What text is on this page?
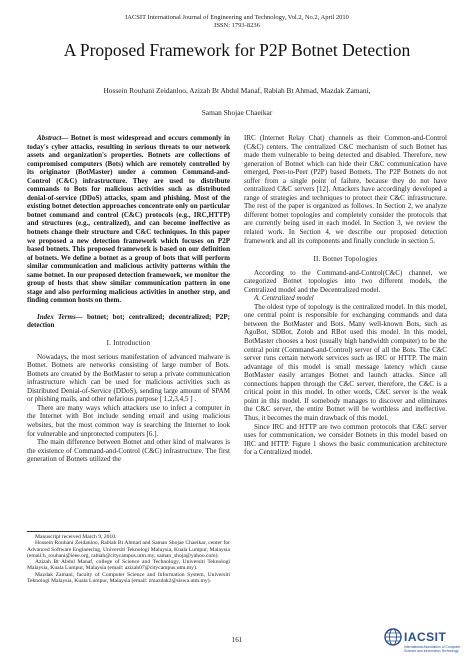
IACSIT International Journal of Engineering and Technology, Vol.2, No.2, April 2010
ISSN: 1793-8236
A Proposed Framework for P2P Botnet Detection
Hossein Rouhani Zeidanloo, Azizah Bt Abdul Manaf, Rabiah Bt Ahmad, Mazdak Zamani,
Saman Shojae Chaeikar

Abstract— Botnet is most widespread and occurs commonly in today's cyber attacks, resulting in serious threats to our network assets and organization's properties. Botnets are collections of compromised computers (Bots) which are remotely controlled by its originator (BotMaster) under a common Command-and-Control (C&C) infrastructure. They are used to distribute commands to Bots for malicious activities such as distributed denial-of-service (DDoS) attacks, spam and phishing. Most of the existing botnet detection approaches concentrate only on particular botnet command and control (C&C) protocols (e.g., IRC,HTTP) and structures (e.g., centralized), and can become ineffective as botnets change their structure and C&C techniques. In this paper we proposed a new detection framework which focuses on P2P based botnets. This proposed framework is based on our definition of botnets. We define a botnet as a group of bots that will perform similar communication and malicious activity patterns within the same botnet. In our proposed detection framework, we monitor the group of hosts that show similar communication pattern in one stage and also performing malicious activities in another step, and finding common hosts on them.

Index Terms— botnet; bot; centralized; decentralized; P2P; detection

I. Introduction

Nowadays, the most serious manifestation of advanced malware is Botnet. Botnets are networks consisting of large number of Bots. Botnets are created by the BotMaster to setup a private communication infrastructure which can be used for malicious activities such as Distributed Denial-of-Service (DDoS), sending large amount of SPAM or phishing mails, and other nefarious purpose [ 1,2,3,4,5 ] .

There are many ways which attackers use to infect a computer in the Internet with Bot include sending email and using malicious websites, but the most common way is searching the Internet to look for vulnerable and unprotected computers [6.].

The main difference between Botnet and other kind of malwares is the existence of Command-and-Control (C&C) infrastructure. The first generation of Botnets utilized the

Manuscript received March 9, 2010.

Hossein Rouhani Zeidanloo, Rabiah Bt Ahmad and Saman Shojae Chaeikar, center for Advanced Software Engineering, Universiti Teknologi Malaysia, Kuala Lumpur, Malaysia (email:h_rouhani@ieee.org, rabiah@citycampus.utm.my, saman_shoja@yahoo.com).

Azizah Bt Abdul Manaf, college of Science and Technology, Universiti Teknologi Malaysia, Kuala Lumpur, Malaysia (email: azizah07@citycampus.utm.my).

Mazdak Zamani, faculty of Computer Science and Information System, Universiti Teknologi Malaysia, Kuala Lumpur, Malaysia (email: zmazdak2@siswa.utm.my).

IRC (Internet Relay Chat) channels as their Common-and-Control (C&C) centers. The centralized C&C mechanism of such Botnet has made them vulnerable to being detected and disabled. Therefore, new generation of Botnet which can hide their C&C communication have emerged, Peer-to-Peer (P2P) based Botnets. The P2P Botnets do not suffer from a single point of failure, because they do not have centralized C&C servers [12]. Attackers have accordingly developed a range of strategies and techniques to protect their C&C infrastructure. The rest of the paper is organized as follows. In Section 2, we analyze different botnet topologies and completely consider the protocols that are currently being used in each model. In Section 3, we review the related work. In Section 4, we describe our proposed detection framework and all its components and finally conclude in section 5.

II. Botnet Topologies

According to the Command-and-Control(C&C) channel, we categorized Botnet topologies into two different models, the Centralized model and the Decentralized model.

A. Centralized model

The oldest type of topology is the centralized model. In this model, one central point is responsible for exchanging commands and data between the BotMaster and Bots. Many well-known Bots, such as AgoBot, SDBot, Zotob and RBot used this model. In this model, BotMaster chooses a host (usually high bandwidth computer) to be the central point (Command-and-Control) server of all the Bots. The C&C server runs certain network services such as IRC or HTTP. The main advantage of this model is small message latency which cause BotMaster easily arranges Botnet and launch attacks. Since all connections happen through the C&C server, therefore, the C&C is a critical point in this model. In other words, C&C server is the weak point in this model. If somebody manages to discover and eliminates the C&C server, the entire Botnet will be worthless and ineffective. Thus, it becomes the main drawback of this model.

Since IRC and HTTP are two common protocols that C&C server uses for communication, we consider Botnets in this model based on IRC and HTTP. Figure 1 shows the basic communication architecture for a Centralized model.

161	IACSIT
International Association of Computer Science and Information Technology
